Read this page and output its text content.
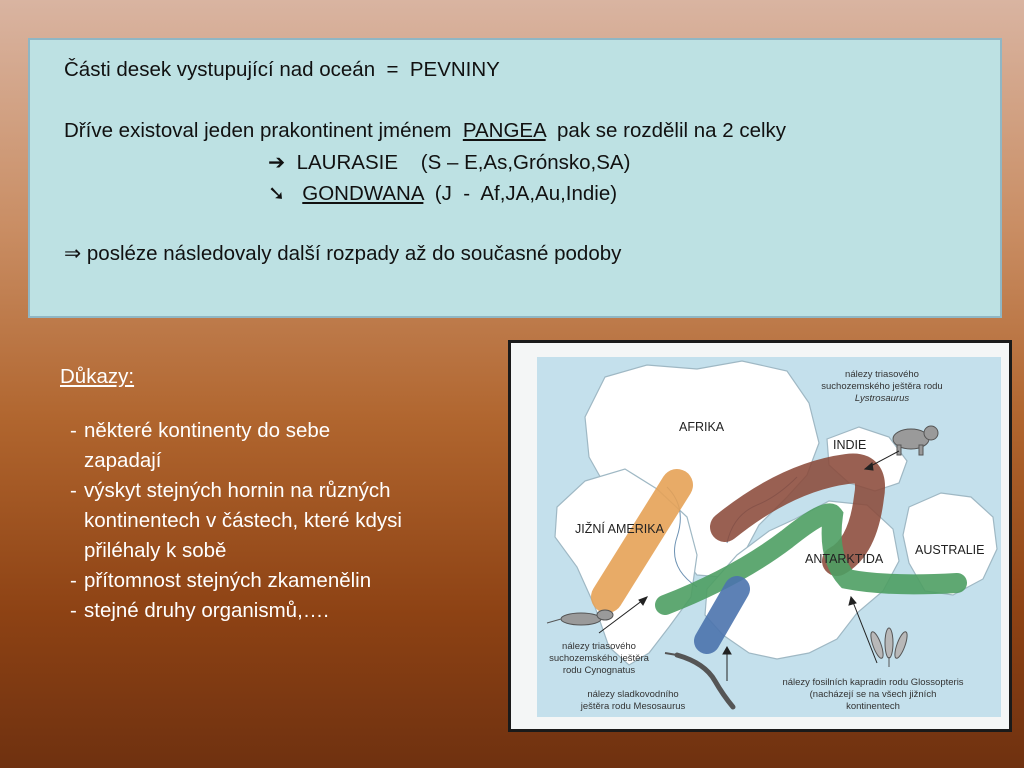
Části desek vystupující nad oceán  =  PEVNINY
Dříve existoval jeden prakontinent jménem  PANGEA  pak se rozdělil na 2 celky
➔ LAURASIE    (S – E,As,Grónsko,SA)
➘ GONDWANA  (J  -  Af,JA,Au,Indie)
⇒ posléze následovaly další rozpady až do současné podoby
Důkazy:
- některé kontinenty do sebe
zapadají
- výskyt stejných hornin na různých
kontinentech v částech, které kdysi
přiléhaly k sobě
- přítomnost stejných zkamenělin
- stejné druhy organismů,….
AFRIKA
INDIE
JIŽNÍ AMERIKA
ANTARKTIDA
AUSTRALIE
nálezy triasového
suchozemského ještěra rodu
Lystrosaurus
nálezy triasového
suchozemského ještěra
rodu Cynognatus
nálezy sladkovodního
ještěra rodu Mesosaurus
nálezy fosilních kapradin rodu Glossopteris
(nacházejí se na všech jižních
kontinentech
